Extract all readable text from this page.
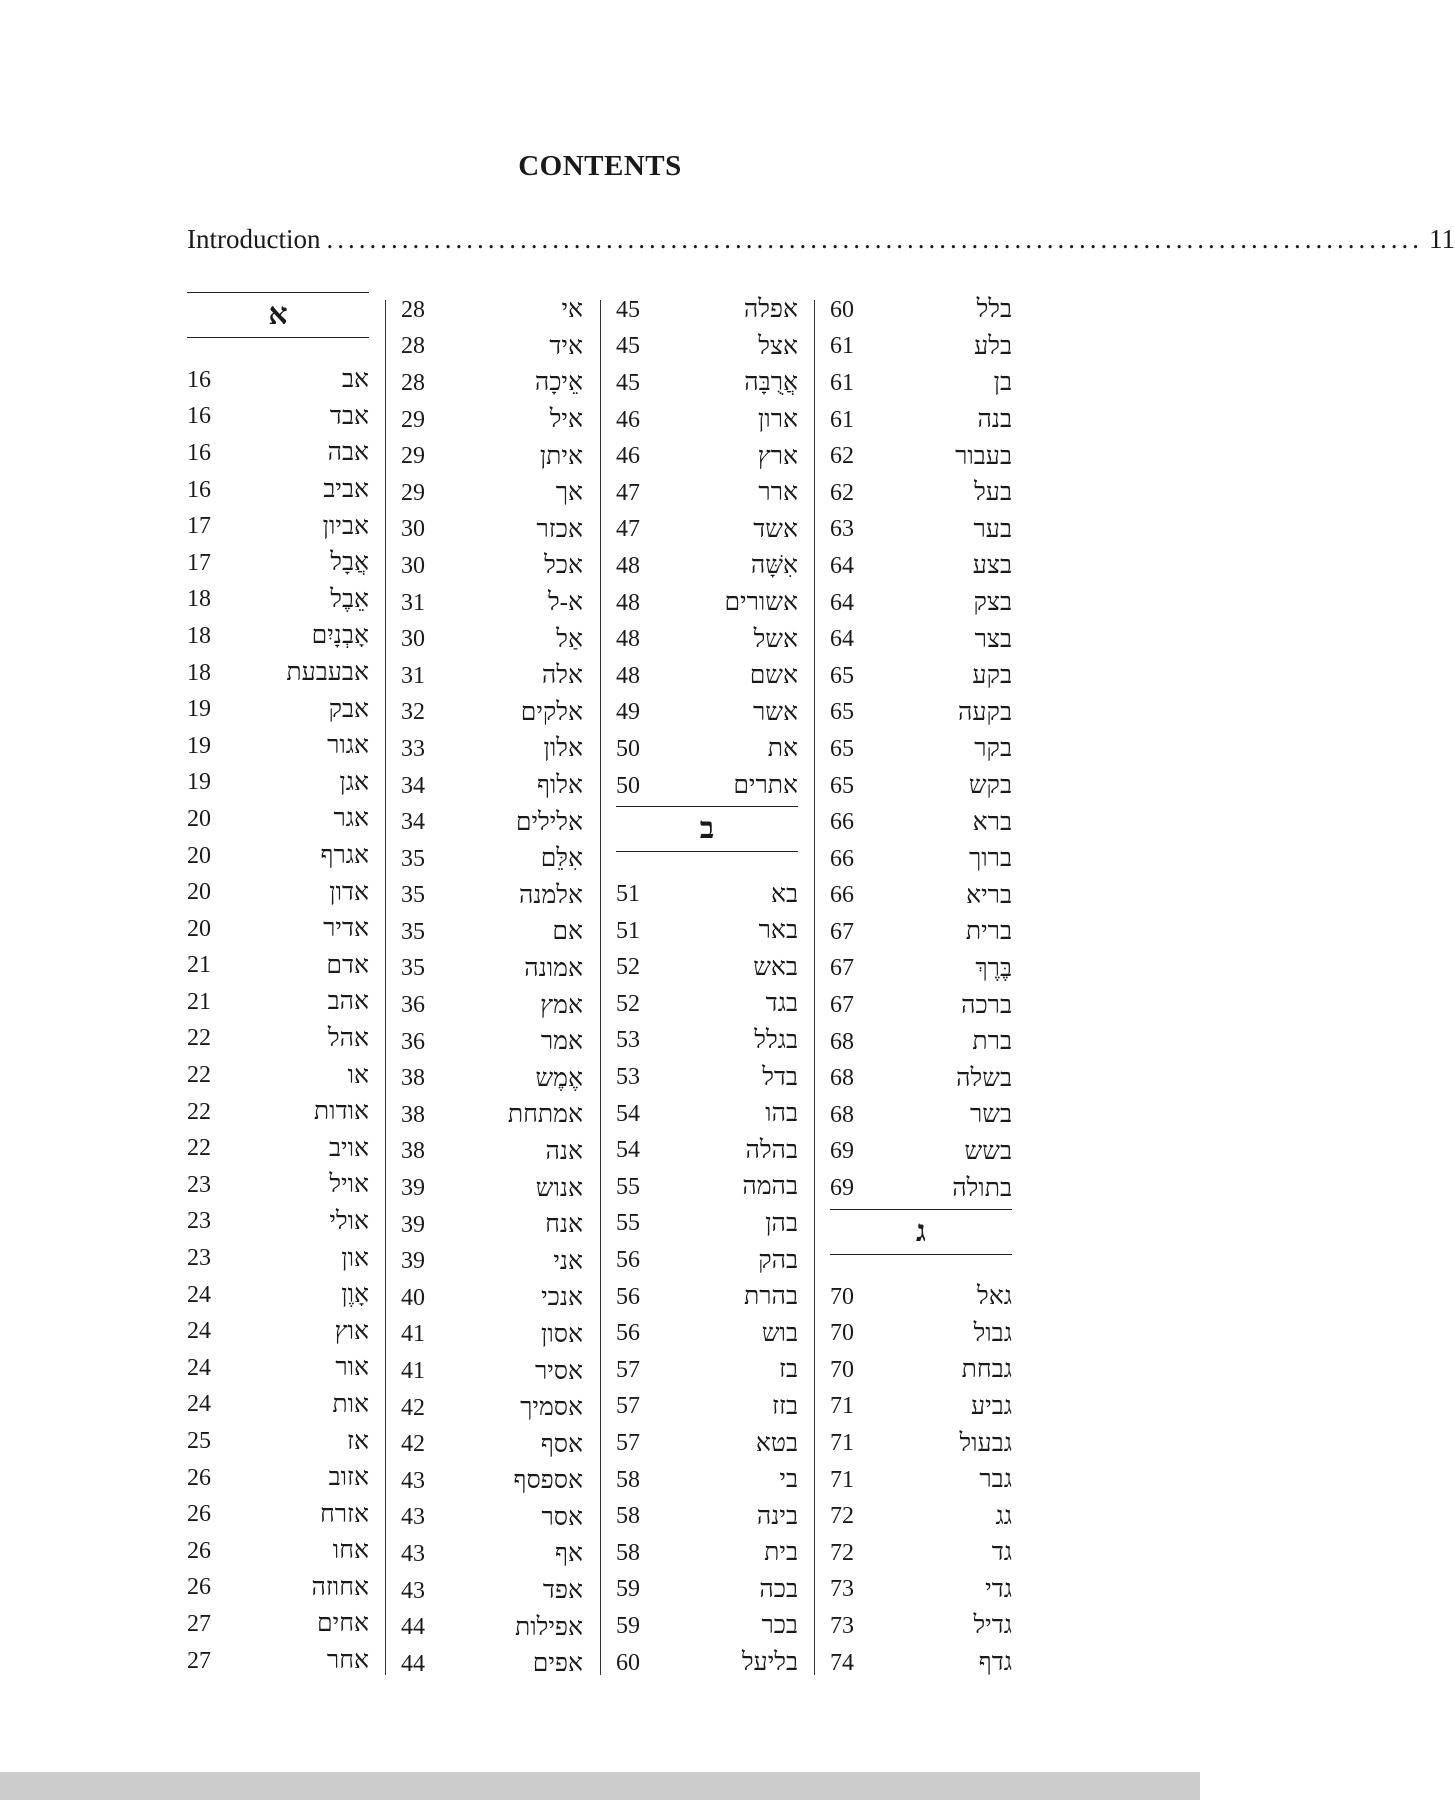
CONTENTS
Introduction ...................................................................................................... 11
א
16	אב
16	אבד
16	אבה
16	אביב
17	אביון
17	אֲבָל
18	אֵבֶל
18	אָבְנָיִם
18	אבעבעת
19	אבק
19	אגור
19	אגן
20	אגר
20	אגרף
20	אדון
20	אדיר
21	אדם
21	אהב
22	אהל
22	או
22	אודות
22	אויב
23	אויל
23	אולי
23	און
24	אָוֶן
24	אוץ
24	אור
24	אות
25	אז
26	אזוב
26	אזרח
26	אחו
26	אחוזה
27	אחים
27	אחר
28	אי
28	איד
28	אֵיכָה
29	איל
29	איתן
29	אך
30	אכזר
30	אכל
31	א-ל
30	אַל
31	אלה
32	אלקים
33	אלון
34	אלוף
34	אלילים
35	אִלֵּם
35	אלמנה
35	אם
35	אמונה
36	אמץ
36	אמר
38	אֶמֶש
38	אמתחת
38	אנה
39	אנוש
39	אנח
39	אני
40	אנכי
41	אסון
41	אסיר
42	אסמיך
42	אסף
43	אספסף
43	אסר
43	אף
43	אפד
44	אפילות
44	אפים
45	אפלה
45	אצל
45	אֲרֻבָּה
46	ארון
46	ארץ
47	ארר
47	אשד
48	אִשָּׁה
48	אשורים
48	אשל
48	אשם
49	אשר
50	את
50	אתרים
ב
51	בא
51	באר
52	באש
52	בגד
53	בגלל
53	בדל
54	בהו
54	בהלה
55	בהמה
55	בהן
56	בהק
56	בהרת
56	בוש
57	בז
57	בזז
57	בטא
58	בי
58	בינה
58	בית
59	בכה
59	בכר
60	בליעל
60	בלל
61	בלע
61	בן
61	בנה
62	בעבור
62	בעל
63	בער
64	בצע
64	בצק
64	בצר
65	בקע
65	בקעה
65	בקר
65	בקש
66	ברא
66	ברוך
66	בריא
67	ברית
67	בֶּרֶךְ
67	ברכה
68	ברת
68	בשלה
68	בשר
69	בשש
69	בתולה
ג
70	גאל
70	גבול
70	גבחת
71	גביע
71	גבעול
71	גבר
72	גג
72	גד
73	גדי
73	גדיל
74	גדף
